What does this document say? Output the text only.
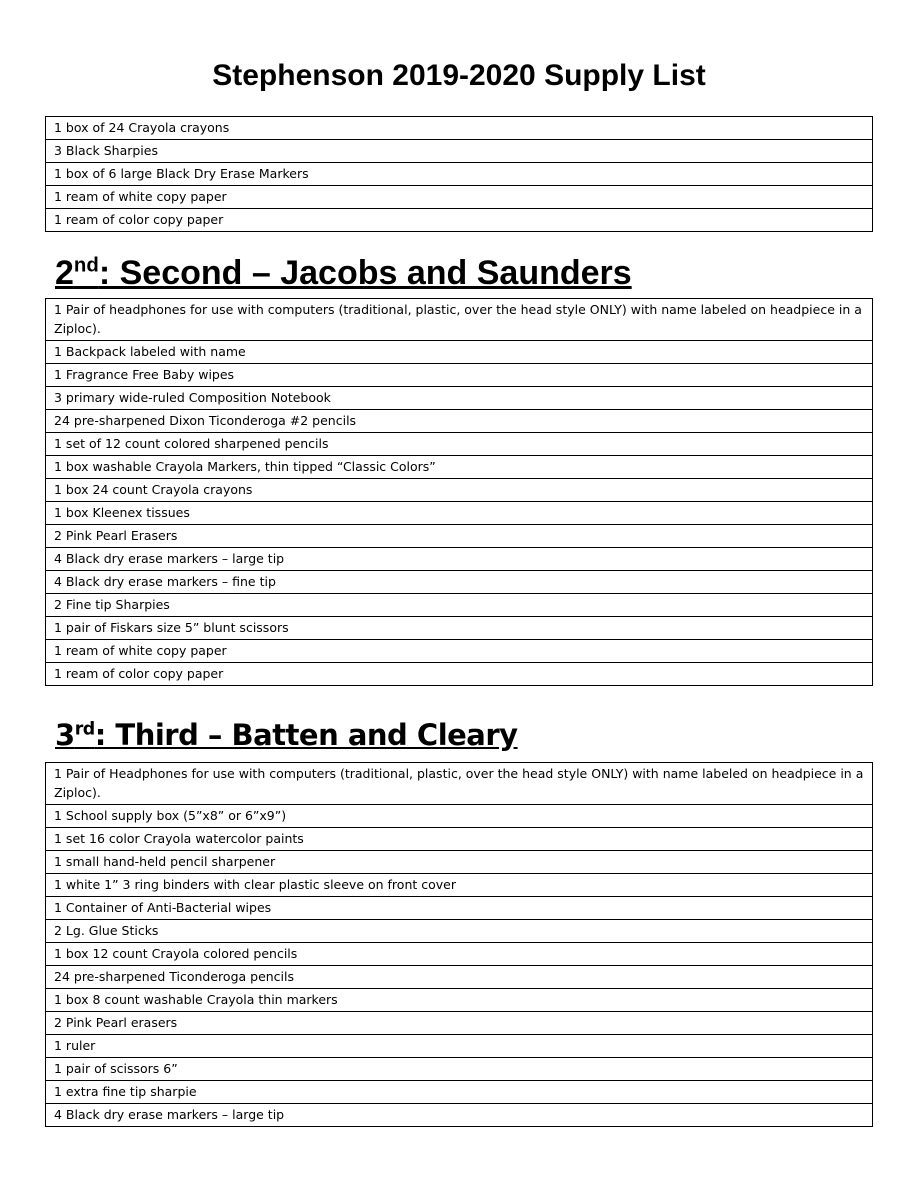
Stephenson 2019-2020 Supply List
1 box of 24 Crayola crayons
3 Black Sharpies
1 box of 6 large Black Dry Erase Markers
1 ream of white copy paper
1 ream of color copy paper
2nd: Second – Jacobs and Saunders
1 Pair of headphones for use with computers (traditional, plastic, over the head style ONLY) with name labeled on headpiece in a Ziploc).
1 Backpack labeled with name
1 Fragrance Free Baby wipes
3 primary wide-ruled Composition Notebook
24 pre-sharpened Dixon Ticonderoga #2 pencils
1 set of 12 count colored sharpened pencils
1 box washable Crayola Markers, thin tipped “Classic Colors”
1 box 24 count Crayola crayons
1 box Kleenex tissues
2 Pink Pearl Erasers
4 Black dry erase markers – large tip
4 Black dry erase markers – fine tip
2 Fine tip Sharpies
1 pair of Fiskars size 5” blunt scissors
1 ream of white copy paper
1 ream of color copy paper
3rd: Third – Batten and Cleary
1 Pair of Headphones for use with computers (traditional, plastic, over the head style ONLY) with name labeled on headpiece in a Ziploc).
1 School supply box (5”x8” or 6”x9”)
1 set 16 color Crayola watercolor paints
1 small hand-held pencil sharpener
1 white 1” 3 ring binders with clear plastic sleeve on front cover
1 Container of Anti-Bacterial wipes
2 Lg. Glue Sticks
1 box 12 count Crayola colored pencils
24 pre-sharpened Ticonderoga pencils
1 box 8 count washable Crayola thin markers
2 Pink Pearl erasers
1 ruler
1 pair of scissors 6”
1 extra fine tip sharpie
4 Black dry erase markers – large tip
